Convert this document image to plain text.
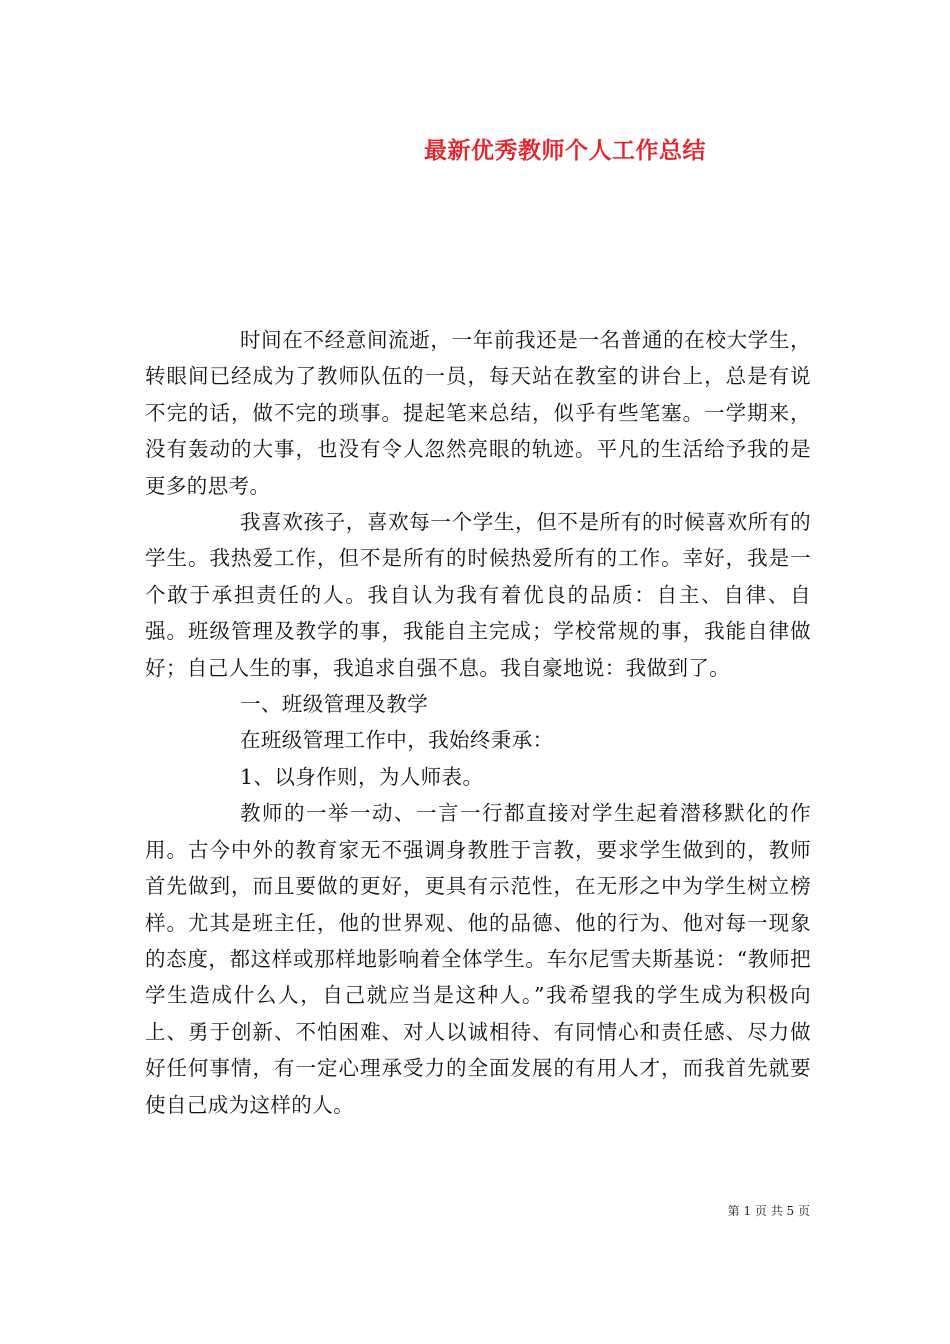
最新优秀教师个人工作总结

时间在不经意间流逝，一年前我还是一名普通的在校大学生，转眼间已经成为了教师队伍的一员，每天站在教室的讲台上，总是有说不完的话，做不完的琐事。提起笔来总结，似乎有些笔塞。一学期来，没有轰动的大事，也没有令人忽然亮眼的轨迹。平凡的生活给予我的是更多的思考。

我喜欢孩子，喜欢每一个学生，但不是所有的时候喜欢所有的学生。我热爱工作，但不是所有的时候热爱所有的工作。幸好，我是一个敢于承担责任的人。我自认为我有着优良的品质：自主、自律、自强。班级管理及教学的事，我能自主完成；学校常规的事，我能自律做好；自己人生的事，我追求自强不息。我自豪地说：我做到了。

一、班级管理及教学

在班级管理工作中，我始终秉承：

1、以身作则，为人师表。

教师的一举一动、一言一行都直接对学生起着潜移默化的作用。古今中外的教育家无不强调身教胜于言教，要求学生做到的，教师首先做到，而且要做的更好，更具有示范性，在无形之中为学生树立榜样。尤其是班主任，他的世界观、他的品德、他的行为、他对每一现象的态度，都这样或那样地影响着全体学生。车尔尼雪夫斯基说：“教师把学生造成什么人，自己就应当是这种人。”我希望我的学生成为积极向上、勇于创新、不怕困难、对人以诚相待、有同情心和责任感、尽力做好任何事情，有一定心理承受力的全面发展的有用人才，而我首先就要使自己成为这样的人。

第 1 页 共 5 页
